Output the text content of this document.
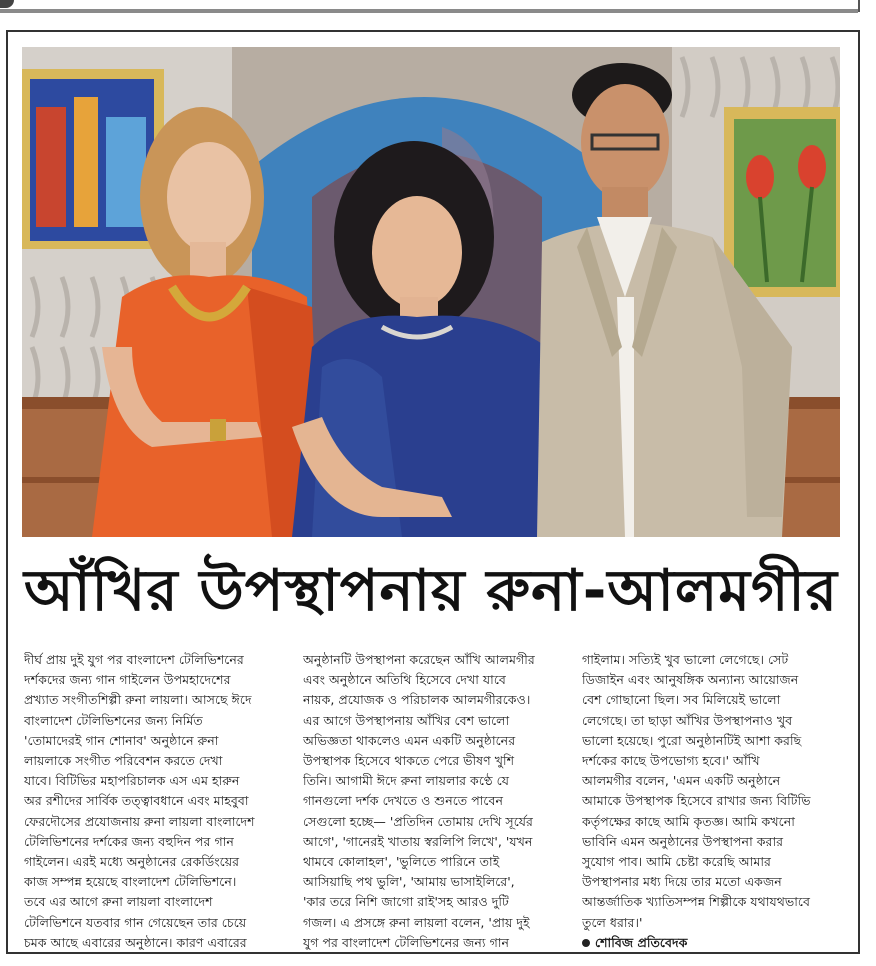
আঁখির উপস্থাপনায় রুনা-আলমগীর
দীর্ঘ প্রায় দুই যুগ পর বাংলাদেশ টেলিভিশনের
দর্শকদের জন্য গান গাইলেন উপমহাদেশের
প্রখ্যাত সংগীতশিল্পী রুনা লায়লা। আসছে ঈদে
বাংলাদেশ টেলিভিশনের জন্য নির্মিত
'তোমাদেরই গান শোনাব' অনুষ্ঠানে রুনা
লায়লাকে সংগীত পরিবেশন করতে দেখা
যাবে। বিটিভির মহাপরিচালক এস এম হারুন
অর রশীদের সার্বিক তত্ত্বাবধানে এবং মাহবুবা
ফেরদৌসের প্রযোজনায় রুনা লায়লা বাংলাদেশ
টেলিভিশনের দর্শকের জন্য বহুদিন পর গান
গাইলেন। এরই মধ্যে অনুষ্ঠানের রেকর্ডিংয়ের
কাজ সম্পন্ন হয়েছে বাংলাদেশ টেলিভিশনে।
তবে এর আগে রুনা লায়লা বাংলাদেশ
টেলিভিশনে যতবার গান গেয়েছেন তার চেয়ে
চমক আছে এবারের অনুষ্ঠানে। কারণ এবারের
অনুষ্ঠানটি উপস্থাপনা করেছেন আঁখি আলমগীর
এবং অনুষ্ঠানে অতিথি হিসেবে দেখা যাবে
নায়ক, প্রযোজক ও পরিচালক আলমগীরকেও।
এর আগে উপস্থাপনায় আঁখির বেশ ভালো
অভিজ্ঞতা থাকলেও এমন একটি অনুষ্ঠানের
উপস্থাপক হিসেবে থাকতে পেরে ভীষণ খুশি
তিনি। আগামী ঈদে রুনা লায়লার কণ্ঠে যে
গানগুলো দর্শক দেখতে ও শুনতে পাবেন
সেগুলো হচ্ছে— 'প্রতিদিন তোমায় দেখি সূর্যের
আগে', 'গানেরই খাতায় স্বরলিপি লিখে', 'যখন
থামবে কোলাহল', 'ভুলিতে পারিনে তাই
আসিয়াছি পথ ভুলি', 'আমায় ভাসাইলিরে',
'কার তরে নিশি জাগো রাই'সহ আরও দুটি
গজল। এ প্রসঙ্গে রুনা লায়লা বলেন, 'প্রায় দুই
যুগ পর বাংলাদেশ টেলিভিশনের জন্য গান
গাইলাম। সত্যিই খুব ভালো লেগেছে। সেট
ডিজাইন এবং আনুষঙ্গিক অন্যান্য আয়োজন
বেশ গোছানো ছিল। সব মিলিয়েই ভালো
লেগেছে। তা ছাড়া আঁখির উপস্থাপনাও খুব
ভালো হয়েছে। পুরো অনুষ্ঠানটিই আশা করছি
দর্শকের কাছে উপভোগ্য হবে।' আঁখি
আলমগীর বলেন, 'এমন একটি অনুষ্ঠানে
আমাকে উপস্থাপক হিসেবে রাখার জন্য বিটিভি
কর্তৃপক্ষের কাছে আমি কৃতজ্ঞ। আমি কখনো
ভাবিনি এমন অনুষ্ঠানের উপস্থাপনা করার
সুযোগ পাব। আমি চেষ্টা করেছি আমার
উপস্থাপনার মধ্য দিয়ে তার মতো একজন
আন্তর্জাতিক খ্যাতিসম্পন্ন শিল্পীকে যথাযথভাবে
তুলে ধরার।'
শোবিজ প্রতিবেদক
